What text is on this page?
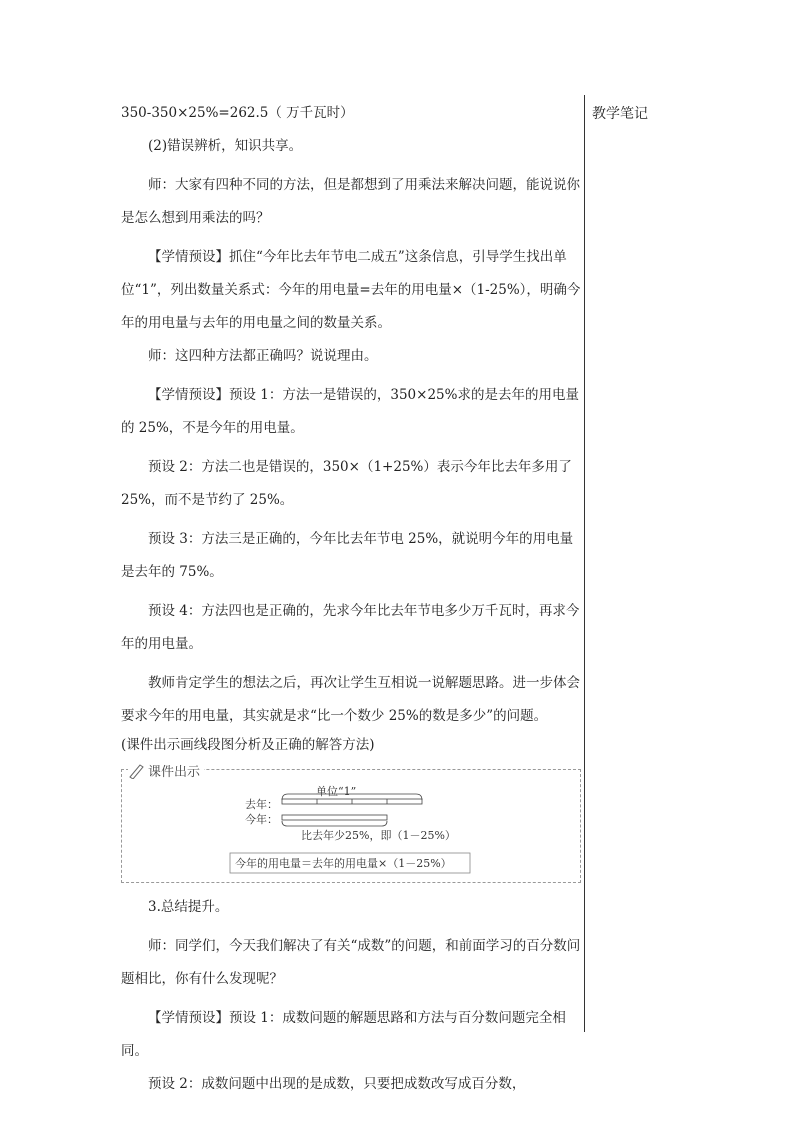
教学笔记

350-350×25%=262.5（ 万千瓦时）

(2)错误辨析，知识共享。

师：大家有四种不同的方法，但是都想到了用乘法来解决问题，能说说你是怎么想到用乘法的吗？

【学情预设】抓住“今年比去年节电二成五”这条信息，引导学生找出单位“1”，列出数量关系式：今年的用电量=去年的用电量×（1-25%），明确今年的用电量与去年的用电量之间的数量关系。

师：这四种方法都正确吗？说说理由。

【学情预设】预设 1：方法一是错误的，350×25%求的是去年的用电量的 25%，不是今年的用电量。

预设 2：方法二也是错误的，350×（1+25%）表示今年比去年多用了 25%，而不是节约了 25%。

预设 3：方法三是正确的，今年比去年节电 25%，就说明今年的用电量是去年的 75%。

预设 4：方法四也是正确的，先求今年比去年节电多少万千瓦时，再求今年的用电量。

教师肯定学生的想法之后，再次让学生互相说一说解题思路。进一步体会要求今年的用电量，其实就是求“比一个数少 25%的数是多少”的问题。

(课件出示画线段图分析及正确的解答方法)

单位“1”
去年：
今年：
比去年少25%，即（1－25%）
今年的用电量＝去年的用电量×（1－25%）
课件出示

3.总结提升。

师：同学们，今天我们解决了有关“成数”的问题，和前面学习的百分数问题相比，你有什么发现呢？

【学情预设】预设 1：成数问题的解题思路和方法与百分数问题完全相同。

预设 2：成数问题中出现的是成数，只要把成数改写成百分数，
